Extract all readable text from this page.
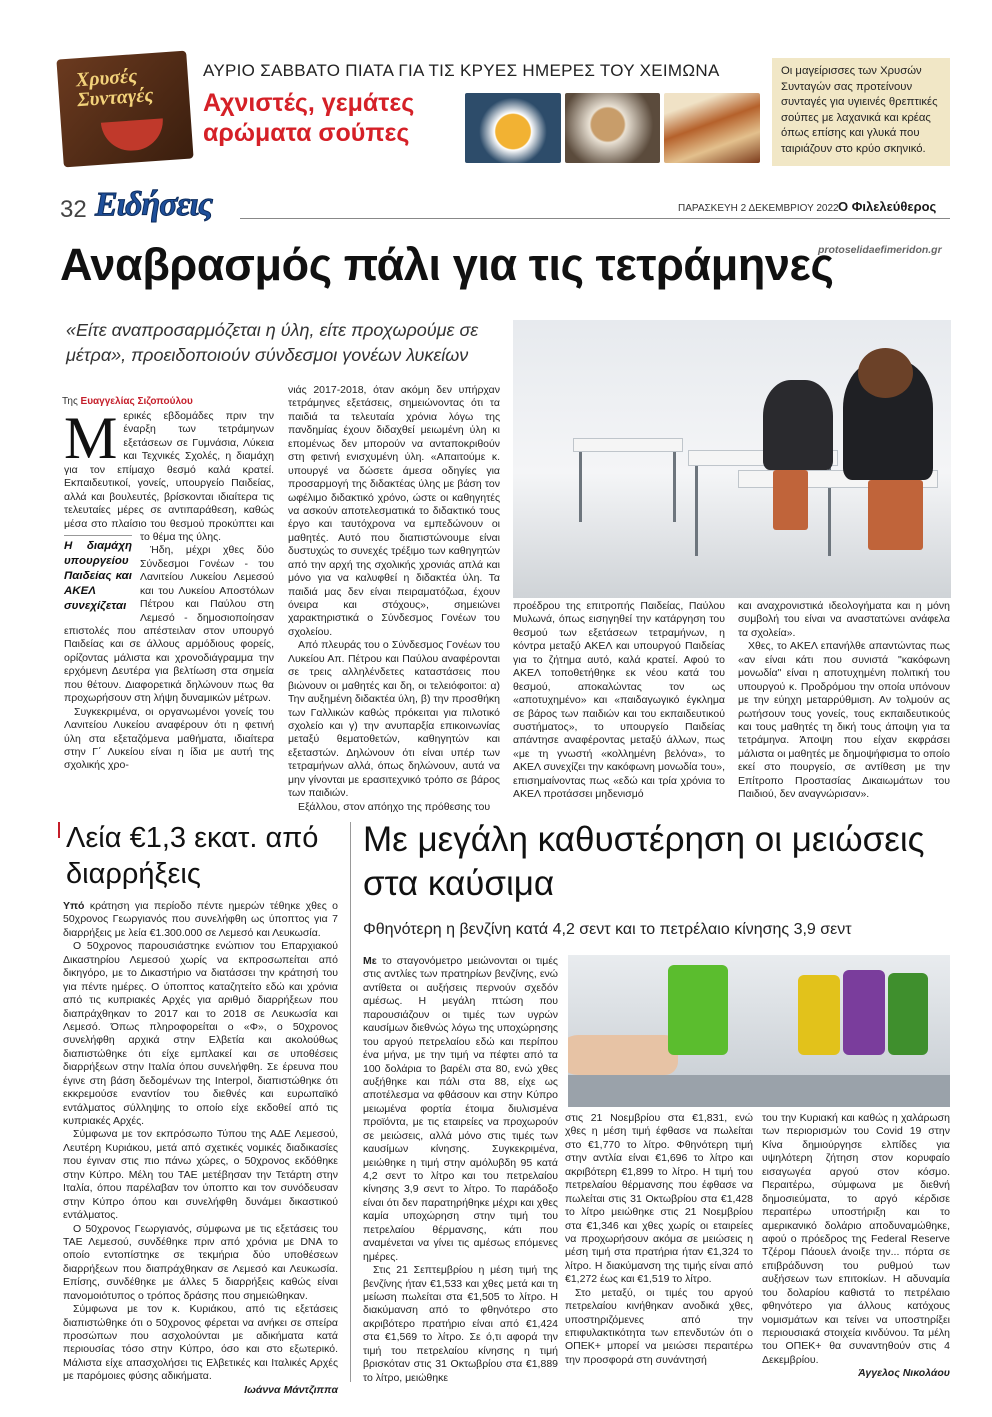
Χρυσές Συνταγές
ΑΥΡΙΟ ΣΑΒΒΑΤΟ ΠΙΑΤΑ ΓΙΑ ΤΙΣ ΚΡΥΕΣ ΗΜΕΡΕΣ ΤΟΥ ΧΕΙΜΩΝΑ
Αχνιστές, γεμάτες αρώματα σούπες
Οι μαγείρισσες των Χρυσών Συνταγών σας προτείνουν συνταγές για υγιεινές θρεπτικές σούπες με λαχανικά και κρέας όπως επίσης και γλυκά που ταιριάζουν στο κρύο σκηνικό.
32 Ειδήσεις	ΠΑΡΑΣΚΕΥΗ 2 ΔΕΚΕΜΒΡΙΟΥ 2022 Ο Φιλελεύθερος
protoselidaefimeridon.gr
Αναβρασμός πάλι για τις τετράμηνες
«Είτε αναπροσαρμόζεται η ύλη, είτε προχωρούμε σε μέτρα», προειδοποιούν σύνδεσμοι γονέων λυκείων
Της Ευαγγελίας Σιζοπούλου
Μ ερικές εβδομάδες πριν την έναρξη των τετράμηνων εξετάσεων σε Γυμνάσια, Λύκεια και Τεχνικές Σχολές, η διαμάχη για τον επίμαχο θεσμό καλά κρατεί. Εκπαιδευτικοί, γονείς, υπουργείο Παιδείας, αλλά και βουλευτές, βρίσκονται ιδιαίτερα τις τελευταίες μέρες σε αντιπαράθεση, καθώς μέσα στο πλαίσιο του θεσμού προκύπτει και το θέμα της ύλης.
Η διαμάχη υπουργείου Παιδείας και ΑΚΕΛ συνεχίζεται

Ήδη, μέχρι χθες δύο Σύνδεσμοι Γονέων - του Λανιτείου Λυκείου Λεμεσού και του Λυκείου Αποστόλων Πέτρου και Παύλου στη Λεμεσό - δημοσιοποίησαν επιστολές που απέστειλαν στον υπουργό Παιδείας και σε άλλους αρμόδιους φορείς, ορίζοντας μάλιστα και χρονοδιάγραμμα την ερχόμενη Δευτέρα για βελτίωση στα σημεία που θέτουν. Διαφορετικά δηλώνουν πως θα προχωρήσουν στη λήψη δυναμικών μέτρων.

Συγκεκριμένα, οι οργανωμένοι γονείς του Λανιτείου Λυκείου αναφέρουν ότι η φετινή ύλη στα εξεταζόμενα μαθήματα, ιδιαίτερα στην Γ΄ Λυκείου είναι η ίδια με αυτή της σχολικής χρο-

νιάς 2017-2018, όταν ακόμη δεν υπήρχαν τετράμηνες εξετάσεις, σημειώνοντας ότι τα παιδιά τα τελευταία χρόνια λόγω της πανδημίας έχουν διδαχθεί μειωμένη ύλη κι επομένως δεν μπορούν να ανταποκριθούν στη φετινή ενισχυμένη ύλη. «Απαιτούμε κ. υπουργέ να δώσετε άμεσα οδηγίες για προσαρμογή της διδακτέας ύλης με βάση τον ωφέλιμο διδακτικό χρόνο, ώστε οι καθηγητές να ασκούν αποτελεσματικά το διδακτικό τους έργο και ταυτόχρονα να εμπεδώνουν οι μαθητές. Αυτό που διαπιστώνουμε είναι δυστυχώς το συνεχές τρέξιμο των καθηγητών από την αρχή της σχολικής χρονιάς απλά και μόνο για να καλυφθεί η διδακτέα ύλη. Τα παιδιά μας δεν είναι πειραματόζωα, έχουν όνειρα και στόχους», σημειώνει χαρακτηριστικά ο Σύνδεσμος Γονέων του σχολείου.

Από πλευράς του ο Σύνδεσμος Γονέων του Λυκείου Απ. Πέτρου και Παύλου αναφέρονται σε τρεις αλληλένδετες καταστάσεις που βιώνουν οι μαθητές και δη, οι τελειόφοιτοι: α) Την αυξημένη διδακτέα ύλη, β) την προσθήκη των Γαλλικών καθώς πρόκειται για πιλοτικό σχολείο και γ) την ανυπαρξία επικοινωνίας μεταξύ θεματοθετών, καθηγητών και εξεταστών. Δηλώνουν ότι είναι υπέρ των τετραμήνων αλλά, όπως δηλώνουν, αυτά να μην γίνονται με ερασιτεχνικό τρόπο σε βάρος των παιδιών.

Εξάλλου, στον απόηχο της πρόθεσης του

προέδρου της επιτροπής Παιδείας, Παύλου Μυλωνά, όπως εισηγηθεί την κατάργηση του θεσμού των εξετάσεων τετραμήνων, η κόντρα μεταξύ ΑΚΕΛ και υπουργού Παιδείας για το ζήτημα αυτό, καλά κρατεί. Αφού το ΑΚΕΛ τοποθετήθηκε εκ νέου κατά του θεσμού, αποκαλώντας τον ως «αποτυχημένο» και «παιδαγωγικό έγκλημα σε βάρος των παιδιών και του εκπαιδευτικού συστήματος», το υπουργείο Παιδείας απάντησε αναφέροντας μεταξύ άλλων, πως «με τη γνωστή «κολλημένη βελόνα», το ΑΚΕΛ συνεχίζει την κακόφωνη μονωδία του», επισημαίνοντας πως «εδώ και τρία χρόνια το ΑΚΕΛ προτάσσει μηδενισμό

και αναχρονιστικά ιδεολογήματα και η μόνη συμβολή του είναι να αναστατώνει ανάφελα τα σχολεία».

Χθες, το ΑΚΕΛ επανήλθε απαντώντας πως «αν είναι κάτι που συνιστά "κακόφωνη μονωδία" είναι η αποτυχημένη πολιτική του υπουργού κ. Προδρόμου την οποία υπόνουν με την εύηχη μεταρρύθμιση. Αν τολμούν ας ρωτήσουν τους γονείς, τους εκπαιδευτικούς και τους μαθητές τη δική τους άποψη για τα τετράμηνα. Άποψη που είχαν εκφράσει μάλιστα οι μαθητές με δημοψήφισμα το οποίο εκεί στο πουργείο, σε αντίθεση με την Επίτροπο Προστασίας Δικαιωμάτων του Παιδιού, δεν αναγνώρισαν».

Λεία €1,3 εκατ. από διαρρήξεις

Υπό κράτηση για περίοδο πέντε ημερών τέθηκε χθες ο 50χρονος Γεωργιανός που συνελήφθη ως ύποπτος για 7 διαρρήξεις με λεία €1.300.000 σε Λεμεσό και Λευκωσία.

Ο 50χρονος παρουσιάστηκε ενώπιον του Επαρχιακού Δικαστηρίου Λεμεσού χωρίς να εκπροσωπείται από δικηγόρο, με το Δικαστήριο να διατάσσει την κράτησή του για πέντε ημέρες. Ο ύποπτος καταζητείτο εδώ και χρόνια από τις κυπριακές Αρχές για αριθμό διαρρήξεων που διαπράχθηκαν το 2017 και το 2018 σε Λευκωσία και Λεμεσό. Όπως πληροφορείται ο «Φ», ο 50χρονος συνελήφθη αρχικά στην Ελβετία και ακολούθως διαπιστώθηκε ότι είχε εμπλακεί και σε υποθέσεις διαρρήξεων στην Ιταλία όπου συνελήφθη. Σε έρευνα που έγινε στη βάση δεδομένων της Interpol, διαπιστώθηκε ότι εκκρεμούσε εναντίον του διεθνές και ευρωπαϊκό εντάλματος σύλληψης το οποίο είχε εκδοθεί από τις κυπριακές Αρχές.

Σύμφωνα με τον εκπρόσωπο Τύπου της ΑΔΕ Λεμεσού, Λευτέρη Κυριάκου, μετά από σχετικές νομικές διαδικασίες που έγιναν στις πιο πάνω χώρες, ο 50χρονος εκδόθηκε στην Κύπρο. Μέλη του ΤΑΕ μετέβησαν την Τετάρτη στην Ιταλία, όπου παρέλαβαν τον ύποπτο και τον συνόδευσαν στην Κύπρο όπου και συνελήφθη δυνάμει δικαστικού εντάλματος.

Ο 50χρονος Γεωργιανός, σύμφωνα με τις εξετάσεις του ΤΑΕ Λεμεσού, συνδέθηκε πριν από χρόνια με DNA το οποίο εντοπίστηκε σε τεκμήρια δύο υποθέσεων διαρρήξεων που διαπράχθηκαν σε Λεμεσό και Λευκωσία. Επίσης, συνδέθηκε με άλλες 5 διαρρήξεις καθώς είναι πανομοιότυπος ο τρόπος δράσης που σημειώθηκαν.

Σύμφωνα με τον κ. Κυριάκου, από τις εξετάσεις διαπιστώθηκε ότι ο 50χρονος φέρεται να ανήκει σε σπείρα προσώπων που ασχολούνται με αδικήματα κατά περιουσίας τόσο στην Κύπρο, όσο και στο εξωτερικό. Μάλιστα είχε απασχολήσει τις Ελβετικές και Ιταλικές Αρχές με παρόμοιες φύσης αδικήματα.

Ιωάννα Μάντζιππα
Με μεγάλη καθυστέρηση οι μειώσεις στα καύσιμα
Φθηνότερη η βενζίνη κατά 4,2 σεντ και το πετρέλαιο κίνησης 3,9 σεντ

Με το σταγονόμετρο μειώνονται οι τιμές στις αντλίες των πρατηρίων βενζίνης, ενώ αντίθετα οι αυξήσεις περνούν σχεδόν αμέσως. Η μεγάλη πτώση που παρουσιάζουν οι τιμές των υγρών καυσίμων διεθνώς λόγω της υποχώρησης του αργού πετρελαίου εδώ και περίπου ένα μήνα, με την τιμή να πέφτει από τα 100 δολάρια το βαρέλι στα 80, ενώ χθες αυξήθηκε και πάλι στα 88, είχε ως αποτέλεσμα να φθάσουν και στην Κύπρο μειωμένα φορτία έτοιμα διυλισμένα προϊόντα, με τις εταιρείες να προχωρούν σε μειώσεις, αλλά μόνο στις τιμές των καυσίμων κίνησης. Συγκεκριμένα, μειώθηκε η τιμή στην αμόλυβδη 95 κατά 4,2 σεντ το λίτρο και του πετρελαίου κίνησης 3,9 σεντ το λίτρο. Το παράδοξο είναι ότι δεν παρατηρήθηκε μέχρι και χθες καμία υποχώρηση στην τιμή του πετρελαίου θέρμανσης, κάτι που αναμένεται να γίνει τις αμέσως επόμενες ημέρες.

Στις 21 Σεπτεμβρίου η μέση τιμή της βενζίνης ήταν €1,533 και χθες μετά και τη μείωση πωλείται στα €1,505 το λίτρο. Η διακύμανση από το φθηνότερο στο ακριβότερο πρατήριο είναι από €1,424 στα €1,569 το λίτρο. Σε ό,τι αφορά την τιμή του πετρελαίου κίνησης η τιμή βρισκόταν στις 31 Οκτωβρίου στα €1,889 το λίτρο, μειώθηκε

στις 21 Νοεμβρίου στα €1,831, ενώ χθες η μέση τιμή έφθασε να πωλείται στο €1,770 το λίτρο. Φθηνότερη τιμή στην αντλία είναι €1,696 το λίτρο και ακριβότερη €1,899 το λίτρο. Η τιμή του πετρελαίου θέρμανσης που έφθασε να πωλείται στις 31 Οκτωβρίου στα €1,428 το λίτρο μειώθηκε στις 21 Νοεμβρίου στα €1,346 και χθες χωρίς οι εταιρείες να προχωρήσουν ακόμα σε μειώσεις η μέση τιμή στα πρατήρια ήταν €1,324 το λίτρο. Η διακύμανση της τιμής είναι από €1,272 έως και €1,519 το λίτρο.

Στο μεταξύ, οι τιμές του αργού πετρελαίου κινήθηκαν ανοδικά χθες, υποστηριζόμενες από την επιφυλακτικότητα των επενδυτών ότι ο ΟΠΕΚ+ μπορεί να μειώσει περαιτέρω την προσφορά στη συνάντησή

του την Κυριακή και καθώς η χαλάρωση των περιορισμών του Covid 19 στην Κίνα δημιούργησε ελπίδες για υψηλότερη ζήτηση στον κορυφαίο εισαγωγέα αργού στον κόσμο. Περαιτέρω, σύμφωνα με διεθνή δημοσιεύματα, το αργό κέρδισε περαιτέρω υποστήριξη και το αμερικανικό δολάριο αποδυναμώθηκε, αφού ο πρόεδρος της Federal Reserve Τζέρομ Πάουελ άνοιξε την... πόρτα σε επιβράδυνση του ρυθμού των αυξήσεων των επιτοκίων. Η αδυναμία του δολαρίου καθιστά το πετρέλαιο φθηνότερο για άλλους κατόχους νομισμάτων και τείνει να υποστηρίξει περιουσιακά στοιχεία κινδύνου. Τα μέλη του ΟΠΕΚ+ θα συναντηθούν στις 4 Δεκεμβρίου.

Άγγελος Νικολάου
